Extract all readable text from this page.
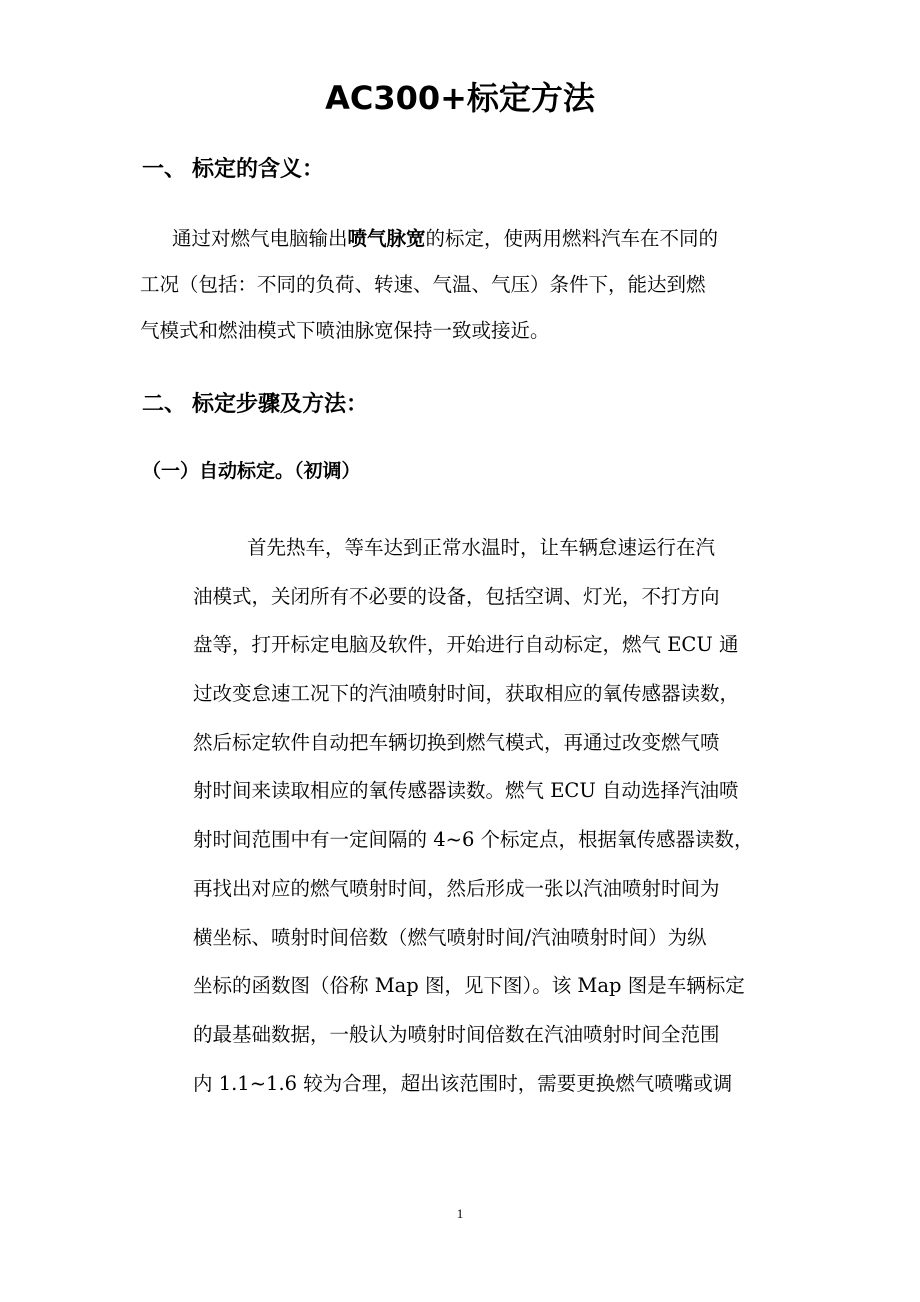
AC300+标定方法
一、 标定的含义：
通过对燃气电脑输出喷气脉宽的标定，使两用燃料汽车在不同的
工况（包括：不同的负荷、转速、气温、气压）条件下，能达到燃
气模式和燃油模式下喷油脉宽保持一致或接近。
二、 标定步骤及方法：
（一）自动标定。（初调）
首先热车，等车达到正常水温时，让车辆怠速运行在汽
油模式，关闭所有不必要的设备，包括空调、灯光，不打方向
盘等，打开标定电脑及软件，开始进行自动标定，燃气 ECU 通
过改变怠速工况下的汽油喷射时间，获取相应的氧传感器读数，
然后标定软件自动把车辆切换到燃气模式，再通过改变燃气喷
射时间来读取相应的氧传感器读数。燃气 ECU 自动选择汽油喷
射时间范围中有一定间隔的 4~6 个标定点，根据氧传感器读数，
再找出对应的燃气喷射时间，然后形成一张以汽油喷射时间为
横坐标、喷射时间倍数（燃气喷射时间/汽油喷射时间）为纵
坐标的函数图（俗称 Map 图，见下图）。该 Map 图是车辆标定
的最基础数据，一般认为喷射时间倍数在汽油喷射时间全范围
内 1.1~1.6 较为合理，超出该范围时，需要更换燃气喷嘴或调
1
